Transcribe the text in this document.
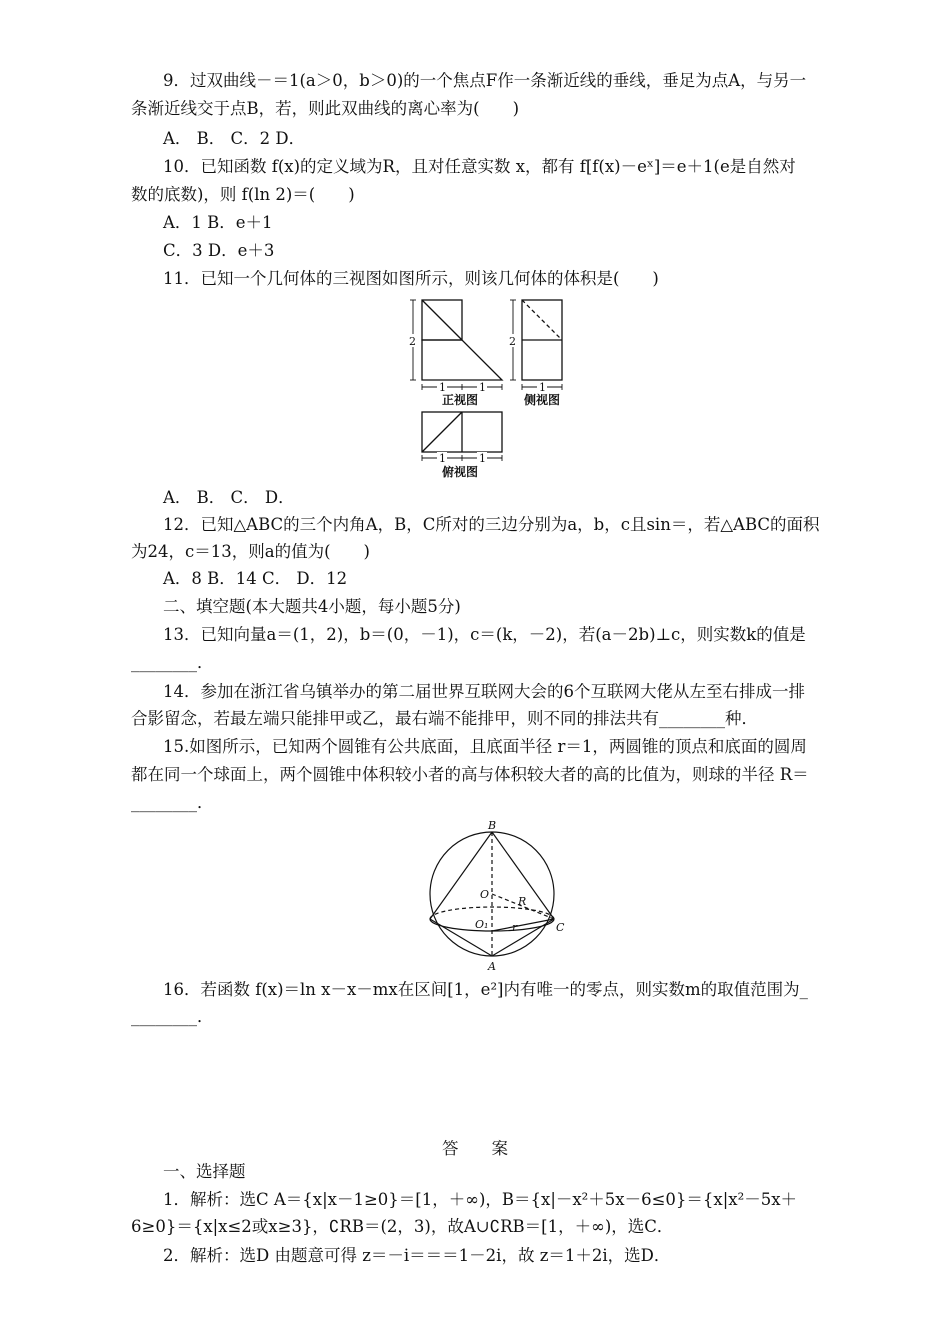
9．过双曲线－＝1(a＞0，b＞0)的一个焦点F作一条渐近线的垂线，垂足为点A，与另一
条渐近线交于点B，若，则此双曲线的离心率为(　　)
A． B． C．2 D．
10．已知函数 f(x)的定义域为R，且对任意实数 x，都有 f[f(x)－eˣ]＝e＋1(e是自然对
数的底数)，则 f(ln 2)＝(　　)
A．1 B．e＋1
C．3 D．e＋3
11．已知一个几何体的三视图如图所示，则该几何体的体积是(　　)
2
1	1
2
1
1	1
正视图	侧视图
俯视图
A． B． C． D．
12．已知△ABC的三个内角A，B，C所对的三边分别为a，b，c且sin＝，若△ABC的面积
为24，c＝13，则a的值为(　　)
A．8 B．14 C． D．12
二、填空题(本大题共4小题，每小题5分)
13．已知向量a＝(1，2)，b＝(0，－1)，c＝(k，－2)，若(a－2b)⊥c，则实数k的值是
________．
14．参加在浙江省乌镇举办的第二届世界互联网大会的6个互联网大佬从左至右排成一排
合影留念，若最左端只能排甲或乙，最右端不能排甲，则不同的排法共有________种．
15.如图所示，已知两个圆锥有公共底面，且底面半径 r＝1，两圆锥的顶点和底面的圆周
都在同一个球面上，两个圆锥中体积较小者的高与体积较大者的高的比值为，则球的半径 R＝
________．
B
O
R
O₁ r	C
A
16．若函数 f(x)＝ln x－x－mx在区间[1，e²]内有唯一的零点，则实数m的取值范围为_
________．
答　　案
一、选择题
1．解析：选C A＝{x|x－1≥0}＝[1，＋∞)，B＝{x|－x²＋5x－6≤0}＝{x|x²－5x＋
6≥0}＝{x|x≤2或x≥3}，∁RB＝(2，3)，故A∪∁RB＝[1，＋∞)，选C．
2．解析：选D 由题意可得 z＝－i＝＝＝1－2i，故 z＝1＋2i，选D．
